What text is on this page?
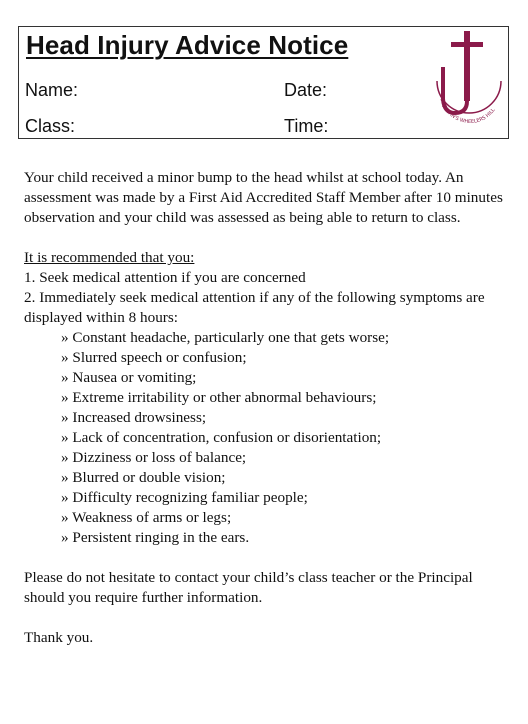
Head Injury Advice Notice
Name:	Date:
Class:	Time:
ST JUSTIN'S WHEELERS HILL

Your child received a minor bump to the head whilst at school today. An assessment was made by a First Aid Accredited Staff Member after 10 minutes observation and your child was assessed as being able to return to class.

It is recommended that you:

1. Seek medical attention if you are concerned

2. Immediately seek medical attention if any of the following symptoms are displayed within 8 hours:

» Constant headache, particularly one that gets worse;

» Slurred speech or confusion;

» Nausea or vomiting;

» Extreme irritability or other abnormal behaviours;

» Increased drowsiness;

» Lack of concentration, confusion or disorientation;

» Dizziness or loss of balance;

» Blurred or double vision;

» Difficulty recognizing familiar people;

» Weakness of arms or legs;

» Persistent ringing in the ears.

Please do not hesitate to contact your child’s class teacher or the Principal should you require further information.

Thank you.
